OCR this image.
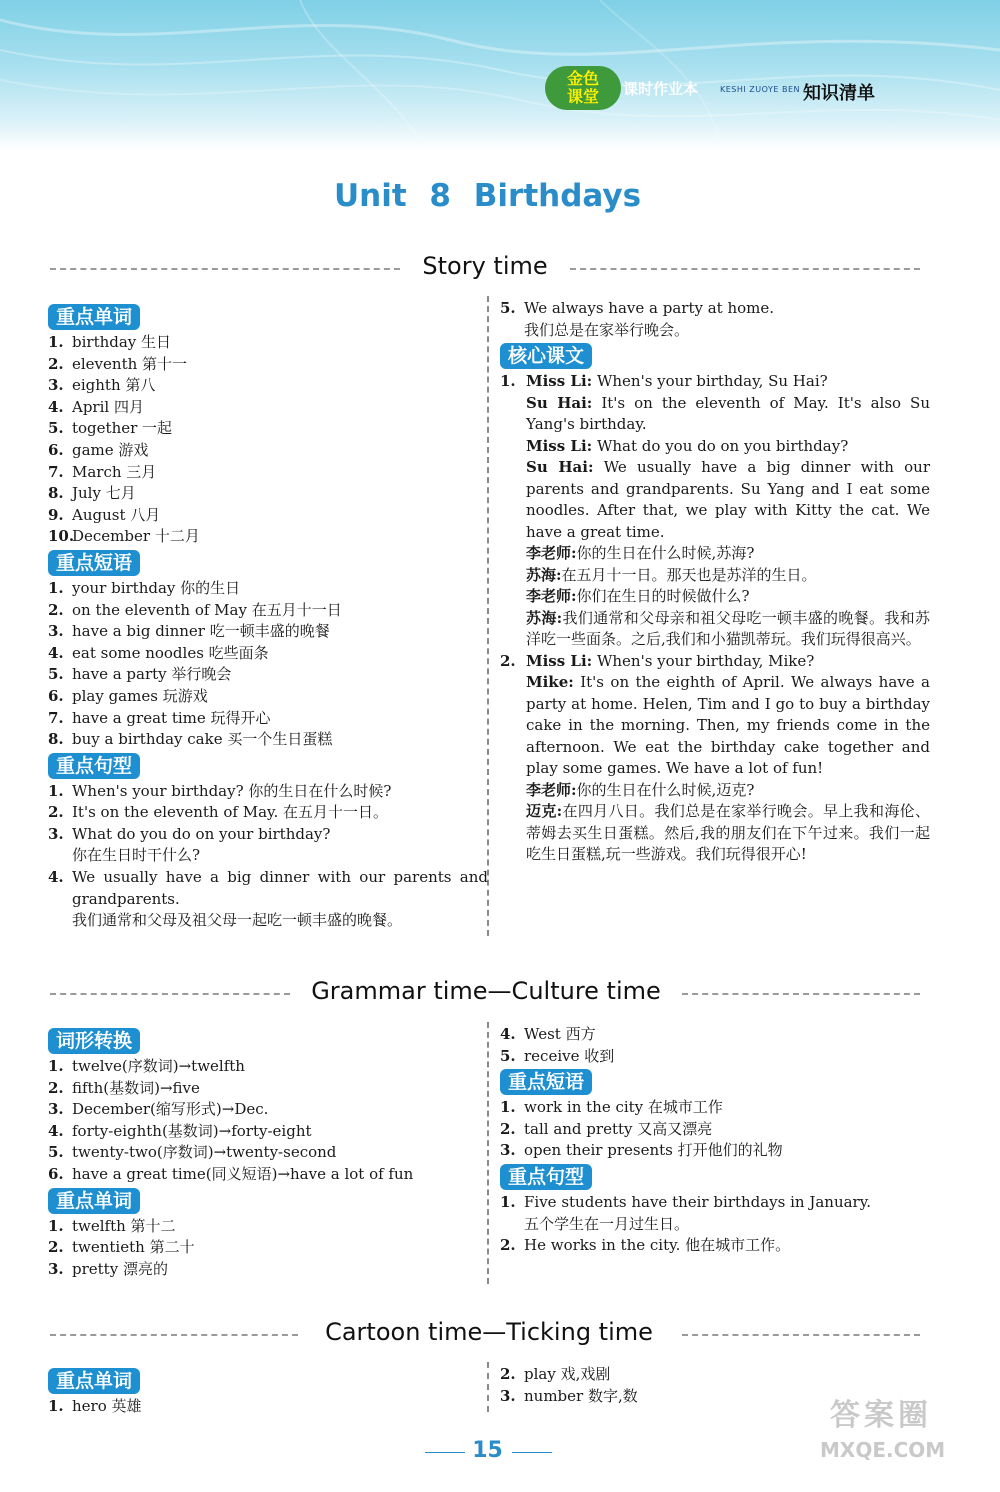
金色
课堂	课时作业本	KESHI ZUOYE BEN 知识清单
Unit 8 Birthdays
Story time
重点单词
1. birthday 生日
2. eleventh 第十一
3. eighth 第八
4. April 四月
5. together 一起
6. game 游戏
7. March 三月
8. July 七月
9. August 八月
10.
December 十二月
重点短语
1. your birthday 你的生日
2. on the eleventh of May 在五月十一日
3. have a big dinner 吃一顿丰盛的晚餐
4. eat some noodles 吃些面条
5. have a party 举行晚会
6. play games 玩游戏
7. have a great time 玩得开心
8. buy a birthday cake 买一个生日蛋糕
重点句型
1. When's your birthday? 你的生日在什么时候?
2. It's on the eleventh of May. 在五月十一日。
3. What do you do on your birthday?
你在生日时干什么?
4. We usually have a big dinner with our parents and grandparents.
我们通常和父母及祖父母一起吃一顿丰盛的晚餐。
5. We always have a party at home.
我们总是在家举行晚会。
核心课文
1. Miss Li: When's your birthday, Su Hai?
Su Hai: It's on the eleventh of May. It's also Su Yang's birthday.
Miss Li: What do you do on you birthday?
Su Hai: We usually have a big dinner with our parents and grandparents. Su Yang and I eat some noodles. After that, we play with Kitty the cat. We have a great time.
李老师:你的生日在什么时候,苏海?
苏海:在五月十一日。那天也是苏洋的生日。
李老师:你们在生日的时候做什么?
苏海:我们通常和父母亲和祖父母吃一顿丰盛的晚餐。我和苏洋吃一些面条。之后,我们和小猫凯蒂玩。我们玩得很高兴。
2. Miss Li: When's your birthday, Mike?
Mike: It's on the eighth of April. We always have a party at home. Helen, Tim and I go to buy a birthday cake in the morning. Then, my friends come in the afternoon. We eat the birthday cake together and play some games. We have a lot of fun!
李老师:你的生日在什么时候,迈克?
迈克:在四月八日。我们总是在家举行晚会。早上我和海伦、蒂姆去买生日蛋糕。然后,我的朋友们在下午过来。我们一起吃生日蛋糕,玩一些游戏。我们玩得很开心!
Grammar time—Culture time
词形转换
1. twelve(序数词)→twelfth
2. fifth(基数词)→five
3. December(缩写形式)→Dec.
4. forty-eighth(基数词)→forty-eight
5. twenty-two(序数词)→twenty-second
6. have a great time(同义短语)→have a lot of fun
重点单词
1. twelfth 第十二
2. twentieth 第二十
3. pretty 漂亮的
4. West 西方
5. receive 收到
重点短语
1. work in the city 在城市工作
2. tall and pretty 又高又漂亮
3. open their presents 打开他们的礼物
重点句型
1. Five students have their birthdays in January.
五个学生在一月过生日。
2. He works in the city. 他在城市工作。
Cartoon time—Ticking time
重点单词
1. hero 英雄
2. play 戏,戏剧
3. number 数字,数
15
答案圈
MXQE.COM
